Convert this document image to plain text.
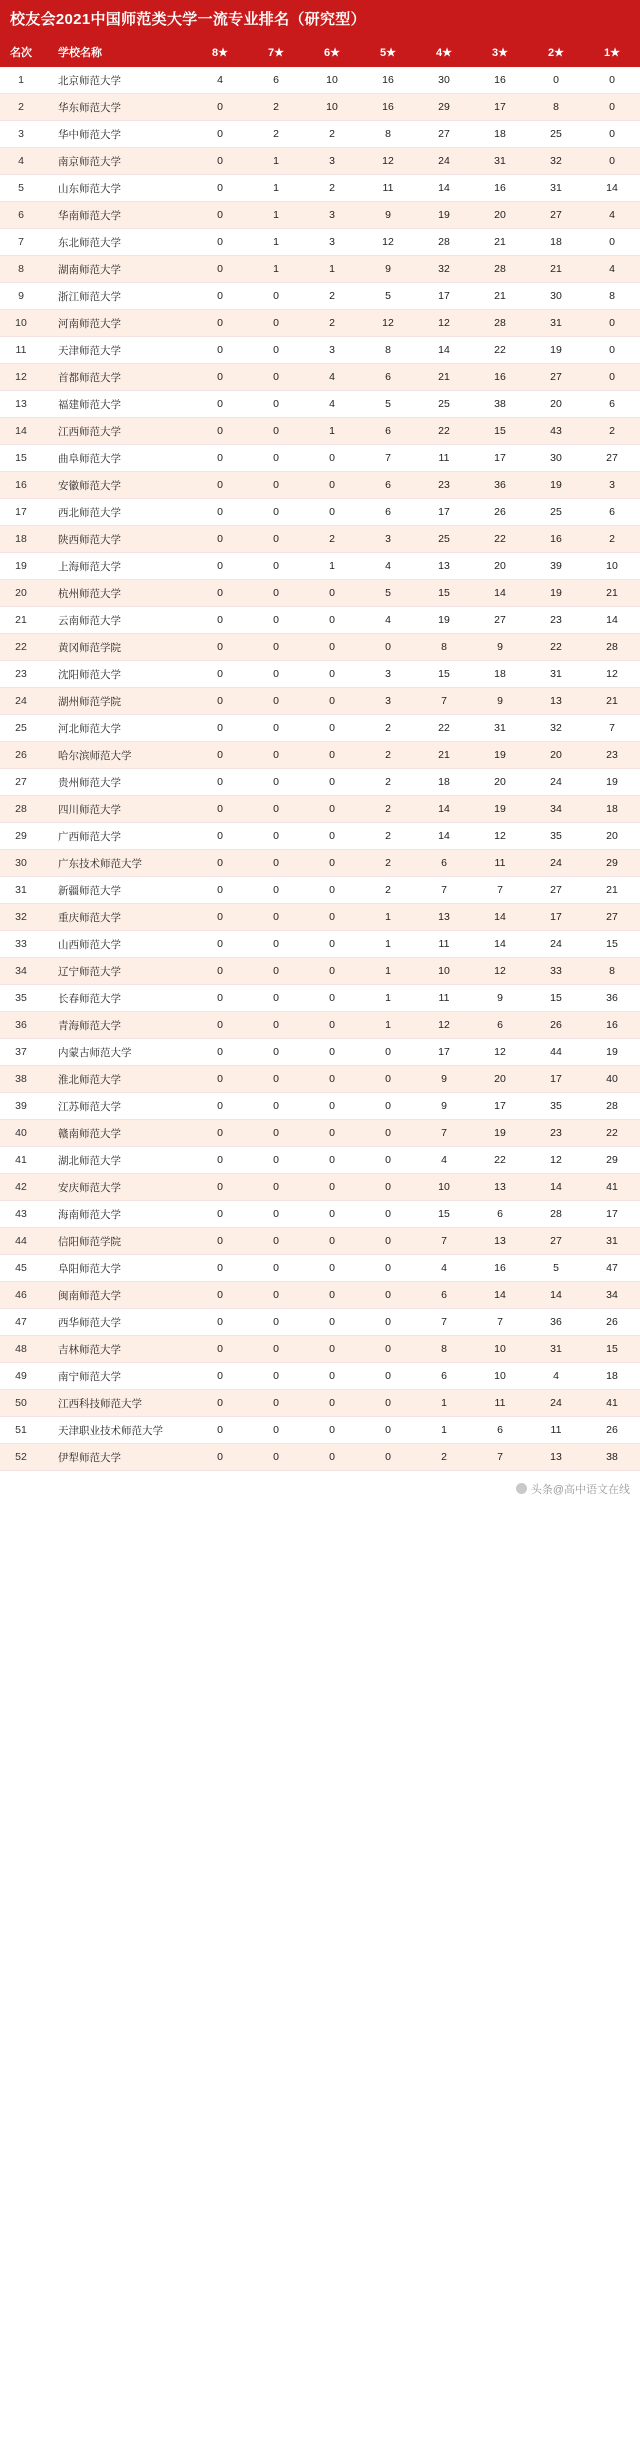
校友会2021中国师范类大学一流专业排名（研究型）
名次	学校名称	8★	7★	6★	5★	4★	3★	2★	1★
1	北京师范大学	4	6	10	16	30	16	0	0
2	华东师范大学	0	2	10	16	29	17	8	0
3	华中师范大学	0	2	2	8	27	18	25	0
4	南京师范大学	0	1	3	12	24	31	32	0
5	山东师范大学	0	1	2	11	14	16	31	14
6	华南师范大学	0	1	3	9	19	20	27	4
7	东北师范大学	0	1	3	12	28	21	18	0
8	湖南师范大学	0	1	1	9	32	28	21	4
9	浙江师范大学	0	0	2	5	17	21	30	8
10	河南师范大学	0	0	2	12	12	28	31	0
11	天津师范大学	0	0	3	8	14	22	19	0
12	首都师范大学	0	0	4	6	21	16	27	0
13	福建师范大学	0	0	4	5	25	38	20	6
14	江西师范大学	0	0	1	6	22	15	43	2
15	曲阜师范大学	0	0	0	7	11	17	30	27
16	安徽师范大学	0	0	0	6	23	36	19	3
17	西北师范大学	0	0	0	6	17	26	25	6
18	陕西师范大学	0	0	2	3	25	22	16	2
19	上海师范大学	0	0	1	4	13	20	39	10
20	杭州师范大学	0	0	0	5	15	14	19	21
21	云南师范大学	0	0	0	4	19	27	23	14
22	黄冈师范学院	0	0	0	0	8	9	22	28
23	沈阳师范大学	0	0	0	3	15	18	31	12
24	湖州师范学院	0	0	0	3	7	9	13	21
25	河北师范大学	0	0	0	2	22	31	32	7
26	哈尔滨师范大学	0	0	0	2	21	19	20	23
27	贵州师范大学	0	0	0	2	18	20	24	19
28	四川师范大学	0	0	0	2	14	19	34	18
29	广西师范大学	0	0	0	2	14	12	35	20
30	广东技术师范大学	0	0	0	2	6	11	24	29
31	新疆师范大学	0	0	0	2	7	7	27	21
32	重庆师范大学	0	0	0	1	13	14	17	27
33	山西师范大学	0	0	0	1	11	14	24	15
34	辽宁师范大学	0	0	0	1	10	12	33	8
35	长春师范大学	0	0	0	1	11	9	15	36
36	青海师范大学	0	0	0	1	12	6	26	16
37	内蒙古师范大学	0	0	0	0	17	12	44	19
38	淮北师范大学	0	0	0	0	9	20	17	40
39	江苏师范大学	0	0	0	0	9	17	35	28
40	赣南师范大学	0	0	0	0	7	19	23	22
41	湖北师范大学	0	0	0	0	4	22	12	29
42	安庆师范大学	0	0	0	0	10	13	14	41
43	海南师范大学	0	0	0	0	15	6	28	17
44	信阳师范学院	0	0	0	0	7	13	27	31
45	阜阳师范大学	0	0	0	0	4	16	5	47
46	闽南师范大学	0	0	0	0	6	14	14	34
47	西华师范大学	0	0	0	0	7	7	36	26
48	吉林师范大学	0	0	0	0	8	10	31	15
49	南宁师范大学	0	0	0	0	6	10	4	18
50	江西科技师范大学	0	0	0	0	1	11	24	41
51	天津职业技术师范大学	0	0	0	0	1	6	11	26
52	伊犁师范大学	0	0	0	0	2	7	13	38
头条@高中语文在线
